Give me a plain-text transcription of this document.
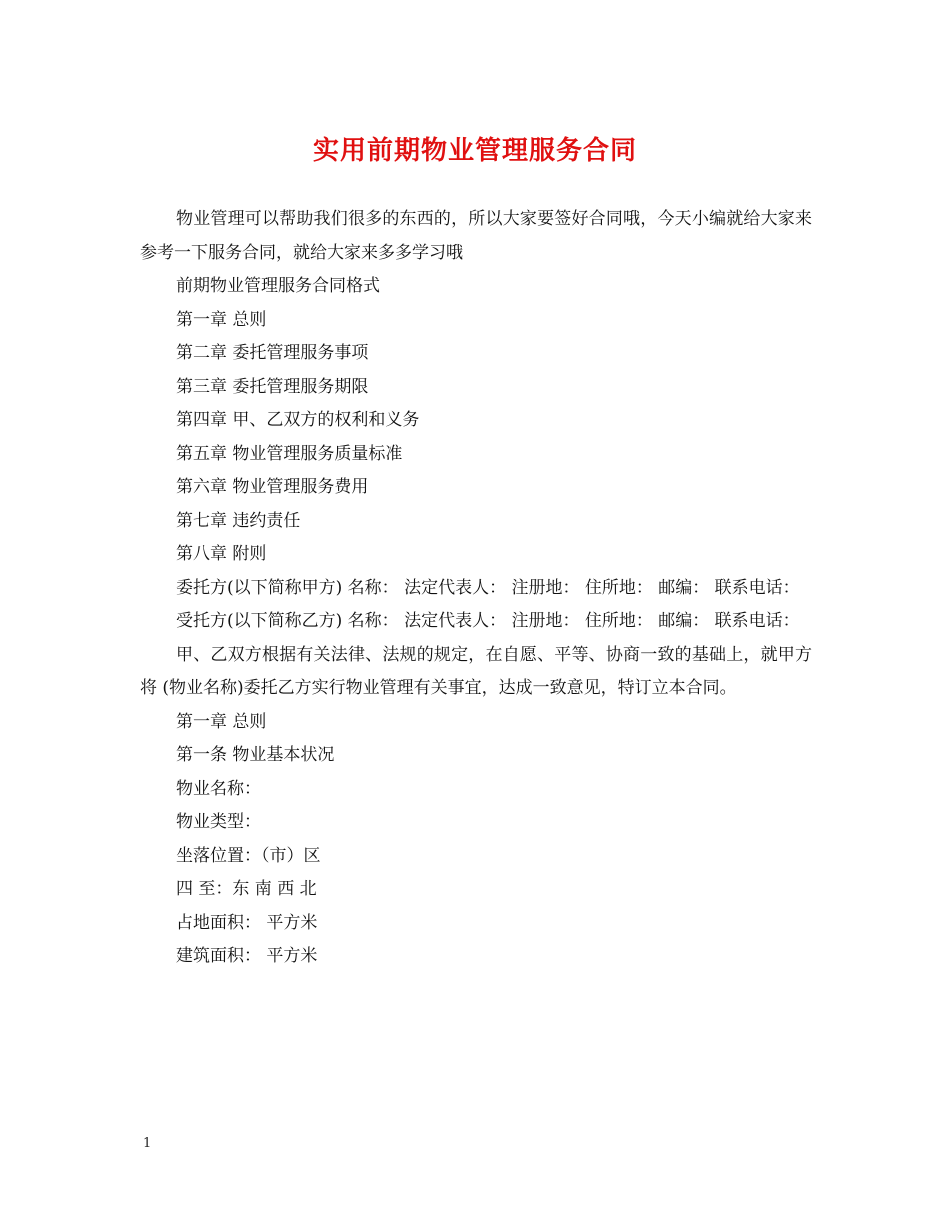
实用前期物业管理服务合同

物业管理可以帮助我们很多的东西的，所以大家要签好合同哦，今天小编就给大家来参考一下服务合同，就给大家来多多学习哦

前期物业管理服务合同格式

第一章 总则

第二章 委托管理服务事项

第三章 委托管理服务期限

第四章 甲、乙双方的权利和义务

第五章 物业管理服务质量标准

第六章 物业管理服务费用

第七章 违约责任

第八章 附则

委托方(以下简称甲方) 名称： 法定代表人： 注册地： 住所地： 邮编： 联系电话：

受托方(以下简称乙方) 名称： 法定代表人： 注册地： 住所地： 邮编： 联系电话：

甲、乙双方根据有关法律、法规的规定，在自愿、平等、协商一致的基础上，就甲方将 (物业名称)委托乙方实行物业管理有关事宜，达成一致意见，特订立本合同。

第一章 总则

第一条 物业基本状况

物业名称：

物业类型：

坐落位置：（市）区

四 至：东 南 西 北

占地面积： 平方米

建筑面积： 平方米

1
